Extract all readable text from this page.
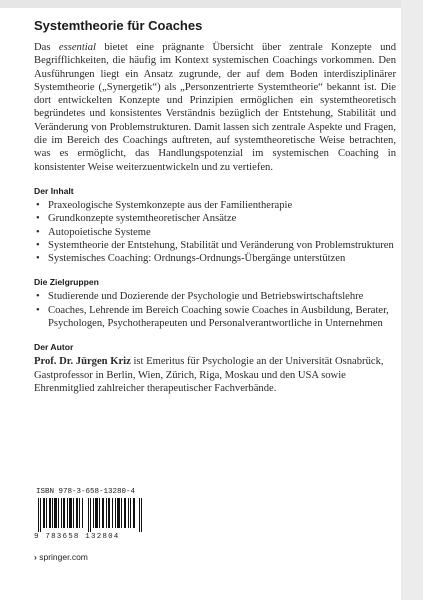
Systemtheorie für Coaches

Das essential bietet eine prägnante Übersicht über zentrale Konzepte und Begrifflichkeiten, die häufig im Kontext systemischen Coachings vorkommen. Den Ausführungen liegt ein Ansatz zugrunde, der auf dem Boden interdisziplinärer Systemtheorie („Synergetik“) als „Personzentrierte Systemtheorie“ bekannt ist. Die dort entwickelten Konzepte und Prinzipien ermöglichen ein systemtheoretisch begründetes und konsistentes Verständnis bezüglich der Entstehung, Stabilität und Veränderung von Problemstrukturen. Damit lassen sich zentrale Aspekte und Fragen, die im Bereich des Coachings auftreten, auf systemtheoretische Weise betrachten, was es ermöglicht, das Handlungspotenzial im systemischen Coaching in konsistenter Weise weiterzuentwickeln und zu vertiefen.

Der Inhalt
• Praxeologische Systemkonzepte aus der Familientherapie
• Grundkonzepte systemtheoretischer Ansätze
• Autopoietische Systeme
• Systemtheorie der Entstehung, Stabilität und Veränderung von Problemstrukturen
• Systemisches Coaching: Ordnungs-Ordnungs-Übergänge unterstützen
Die Zielgruppen
• Studierende und Dozierende der Psychologie und Betriebswirtschaftslehre
• Coaches, Lehrende im Bereich Coaching sowie Coaches in Ausbildung, Berater, Psychologen, Psychotherapeuten und Personalverantwortliche in Unternehmen
Der Autor

Prof. Dr. Jürgen Kriz ist Emeritus für Psychologie an der Universität Osnabrück, Gastprofessor in Berlin, Wien, Zürich, Riga, Moskau und den USA sowie Ehrenmitglied zahlreicher therapeutischer Fachverbände.

ISBN 978-3-658-13280-4
9 783658 132804
› springer.com
